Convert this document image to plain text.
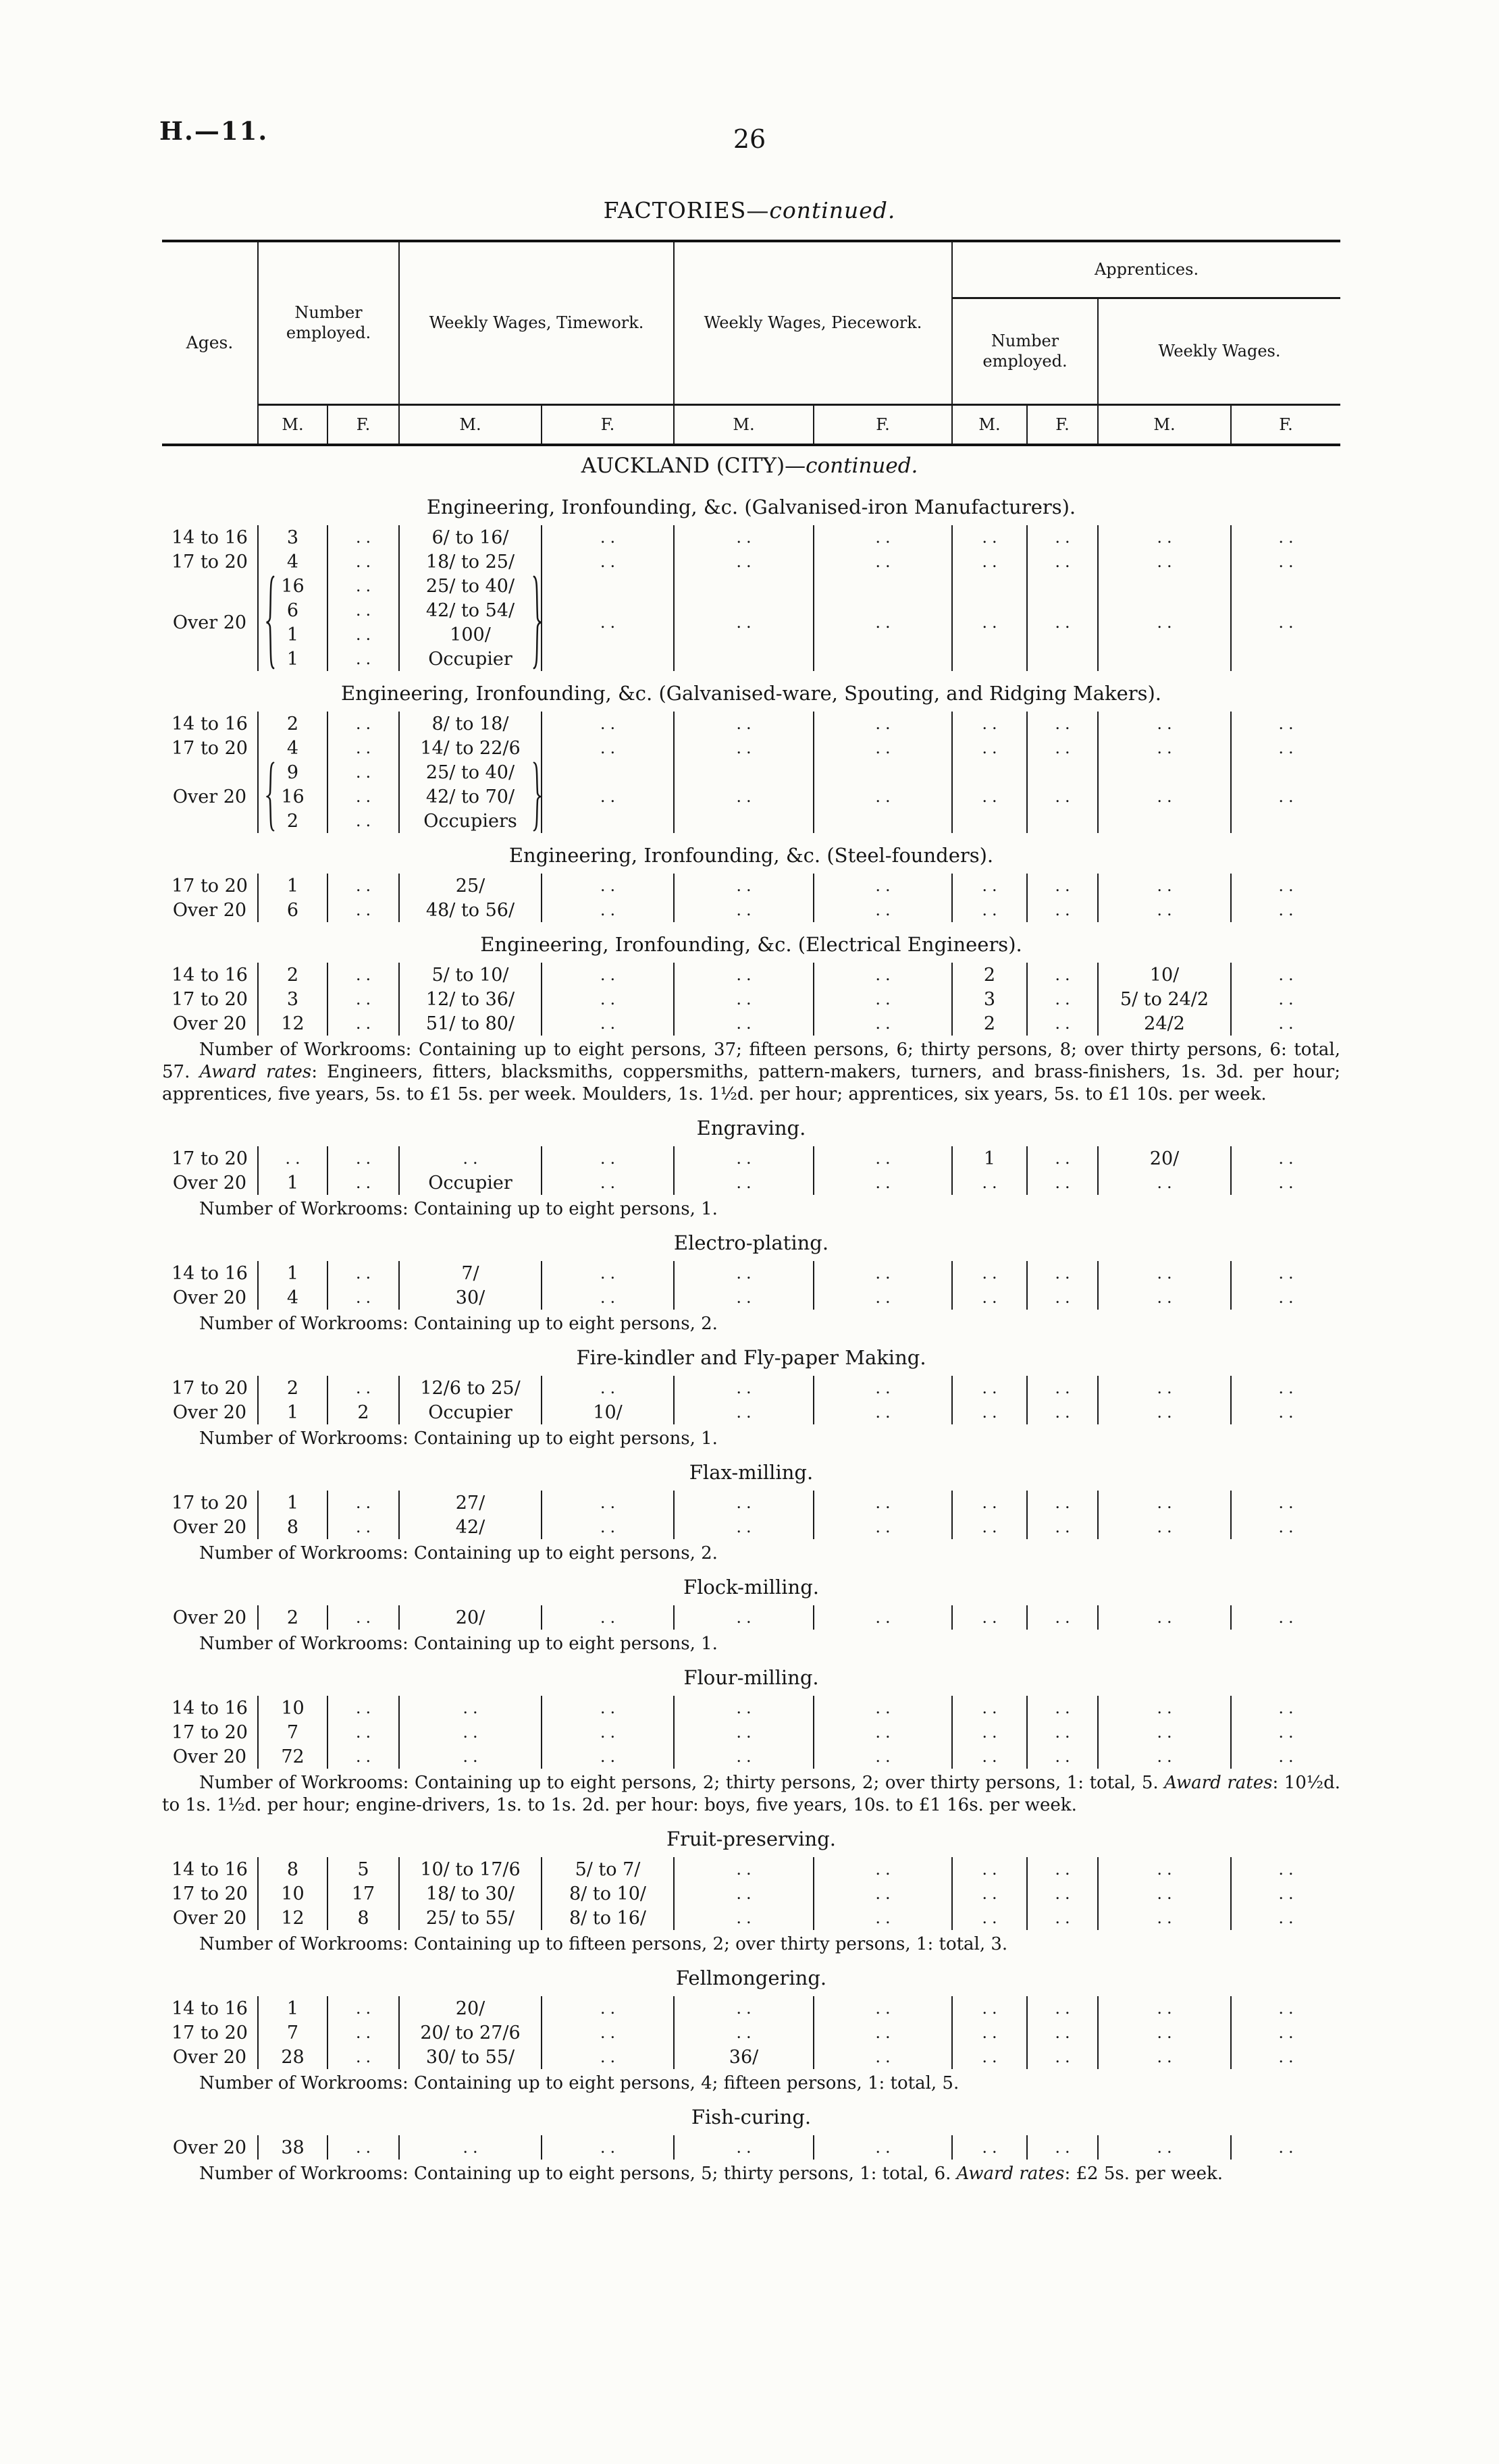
H.—11.	26
FACTORIES—continued.
Ages.	Number employed.		Weekly Wages, Timework.		Weekly Wages, Piecework.		Apprentices.			
							Number employed.		Weekly Wages.	
	M.	F.	M.	F.	M.	F.	M.	F.	M.	F.
AUCKLAND (CITY)—continued.
Engineering, Ironfounding, &c. (Galvanised-iron Manufacturers).
14 to 16	3	..	6/ to 16/	..	..	..	..	..	..	..
17 to 20	4	..	18/ to 25/	..	..	..	..	..	..	..
Over 20	16	..	25/ to 40/	..	..	..	..	..	..	..
	6	..	42/ to 54/							
	1	..	100/							
	1	..	Occupier							
Engineering, Ironfounding, &c. (Galvanised-ware, Spouting, and Ridging Makers).
14 to 16	2	..	8/ to 18/	..	..	..	..	..	..	..
17 to 20	4	..	14/ to 22/6	..	..	..	..	..	..	..
Over 20	9	..	25/ to 40/	..	..	..	..	..	..	..
	16	..	42/ to 70/							
	2	..	Occupiers							
Engineering, Ironfounding, &c. (Steel-founders).
17 to 20	1	..	25/	..	..	..	..	..	..	..
Over 20	6	..	48/ to 56/	..	..	..	..	..	..	..
Engineering, Ironfounding, &c. (Electrical Engineers).
14 to 16	2	..	5/ to 10/	..	..	..	2	..	10/	..
17 to 20	3	..	12/ to 36/	..	..	..	3	..	5/ to 24/2	..
Over 20	12	..	51/ to 80/	..	..	..	2	..	24/2	..

Number of Workrooms: Containing up to eight persons, 37; fifteen persons, 6; thirty persons, 8; over thirty persons, 6: total, 57. Award rates: Engineers, fitters, blacksmiths, coppersmiths, pattern-makers, turners, and brass-finishers, 1s. 3d. per hour; apprentices, five years, 5s. to £1 5s. per week. Moulders, 1s. 1½d. per hour; apprentices, six years, 5s. to £1 10s. per week.

Engraving.
17 to 20	..	..	..	..	..	..	1	..	20/	..
Over 20	1	..	Occupier	..	..	..	..	..	..	..

Number of Workrooms: Containing up to eight persons, 1.

Electro-plating.
14 to 16	1	..	7/	..	..	..	..	..	..	..
Over 20	4	..	30/	..	..	..	..	..	..	..

Number of Workrooms: Containing up to eight persons, 2.

Fire-kindler and Fly-paper Making.
17 to 20	2	..	12/6 to 25/	..	..	..	..	..	..	..
Over 20	1	2	Occupier	10/	..	..	..	..	..	..

Number of Workrooms: Containing up to eight persons, 1.

Flax-milling.
17 to 20	1	..	27/	..	..	..	..	..	..	..
Over 20	8	..	42/	..	..	..	..	..	..	..

Number of Workrooms: Containing up to eight persons, 2.

Flock-milling.
Over 20	2	..	20/	..	..	..	..	..	..	..

Number of Workrooms: Containing up to eight persons, 1.

Flour-milling.
14 to 16	10	..	..	..	..	..	..	..	..	..
17 to 20	7	..	..	..	..	..	..	..	..	..
Over 20	72	..	..	..	..	..	..	..	..	..

Number of Workrooms: Containing up to eight persons, 2; thirty persons, 2; over thirty persons, 1: total, 5. Award rates: 10½d. to 1s. 1½d. per hour; engine-drivers, 1s. to 1s. 2d. per hour: boys, five years, 10s. to £1 16s. per week.

Fruit-preserving.
14 to 16	8	5	10/ to 17/6	5/ to 7/	..	..	..	..	..	..
17 to 20	10	17	18/ to 30/	8/ to 10/	..	..	..	..	..	..
Over 20	12	8	25/ to 55/	8/ to 16/	..	..	..	..	..	..

Number of Workrooms: Containing up to fifteen persons, 2; over thirty persons, 1: total, 3.

Fellmongering.
14 to 16	1	..	20/	..	..	..	..	..	..	..
17 to 20	7	..	20/ to 27/6	..	..	..	..	..	..	..
Over 20	28	..	30/ to 55/	..	36/	..	..	..	..	..

Number of Workrooms: Containing up to eight persons, 4; fifteen persons, 1: total, 5.

Fish-curing.
Over 20	38	..	..	..	..	..	..	..	..	..

Number of Workrooms: Containing up to eight persons, 5; thirty persons, 1: total, 6. Award rates: £2 5s. per week.
